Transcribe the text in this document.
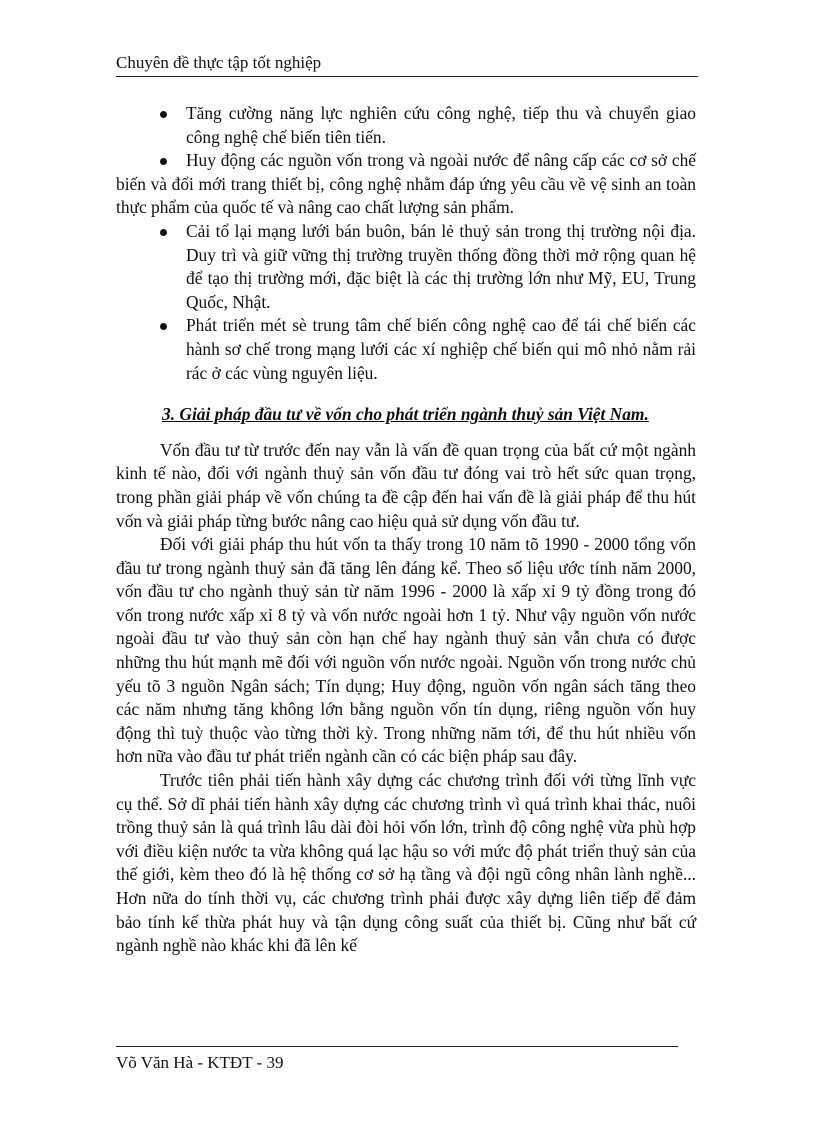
Chuyên đề thực tập tốt nghiệp
Tăng cường năng lực nghiên cứu công nghệ, tiếp thu và chuyển giao công nghệ chế biến tiên tiến.
Huy động các nguồn vốn trong và ngoài nước để nâng cấp các cơ sở chế biến và đổi mới trang thiết bị, công nghệ nhằm đáp ứng yêu cầu về vệ sinh an toàn thực phẩm của quốc tế và nâng cao chất lượng sản phẩm.
Cải tổ lại mạng lưới bán buôn, bán lẻ thuỷ sản trong thị trường nội địa. Duy trì và giữ vững thị trường truyền thống đồng thời mở rộng quan hệ để tạo thị trường mới, đặc biệt là các thị trường lớn như Mỹ, EU, Trung Quốc, Nhật.
Phát triển mét sè trung tâm chế biến công nghệ cao để tái chế biến các hành sơ chế trong mạng lưới các xí nghiệp chế biến qui mô nhỏ nằm rải rác ở các vùng nguyên liệu.
3. Giải pháp đầu tư về vốn cho phát triển ngành thuỷ sản Việt Nam.

Vốn đầu tư từ trước đến nay vẫn là vấn đề quan trọng của bất cứ một ngành kinh tế nào, đối với ngành thuỷ sản vốn đầu tư đóng vai trò hết sức quan trọng, trong phần giải pháp về vốn chúng ta đề cập đến hai vấn đề là giải pháp để thu hút vốn và giải pháp từng bước nâng cao hiệu quả sử dụng vốn đầu tư.

Đối với giải pháp thu hút vốn ta thấy trong 10 năm tõ 1990 - 2000 tổng vốn đầu tư trong ngành thuỷ sản đã tăng lên đáng kể. Theo số liệu ước tính năm 2000, vốn đầu tư cho ngành thuỷ sản từ năm 1996 - 2000 là xấp xỉ 9 tỷ đồng trong đó vốn trong nước xấp xỉ 8 tỷ và vốn nước ngoài hơn 1 tỷ. Như vậy nguồn vốn nước ngoài đầu tư vào thuỷ sản còn hạn chế hay ngành thuỷ sản vẫn chưa có được những thu hút mạnh mẽ đối với nguồn vốn nước ngoài. Nguồn vốn trong nước chủ yếu tõ 3 nguồn Ngân sách; Tín dụng; Huy động, nguồn vốn ngân sách tăng theo các năm nhưng tăng không lớn bằng nguồn vốn tín dụng, riêng nguồn vốn huy động thì tuỳ thuộc vào từng thời kỳ. Trong những năm tới, để thu hút nhiều vốn hơn nữa vào đầu tư phát triển ngành cần có các biện pháp sau đây.

Trước tiên phải tiến hành xây dựng các chương trình đối với từng lĩnh vực cụ thể. Sở dĩ phải tiến hành xây dựng các chương trình vì quá trình khai thác, nuôi trồng thuỷ sản là quá trình lâu dài đòi hỏi vốn lớn, trình độ công nghệ vừa phù hợp với điều kiện nước ta vừa không quá lạc hậu so với mức độ phát triển thuỷ sản của thế giới, kèm theo đó là hệ thống cơ sở hạ tầng và đội ngũ công nhân lành nghề... Hơn nữa do tính thời vụ, các chương trình phải được xây dựng liên tiếp để đảm bảo tính kế thừa phát huy và tận dụng công suất của thiết bị. Cũng như bất cứ ngành nghề nào khác khi đã lên kế

Võ Văn Hà - KTĐT - 39
